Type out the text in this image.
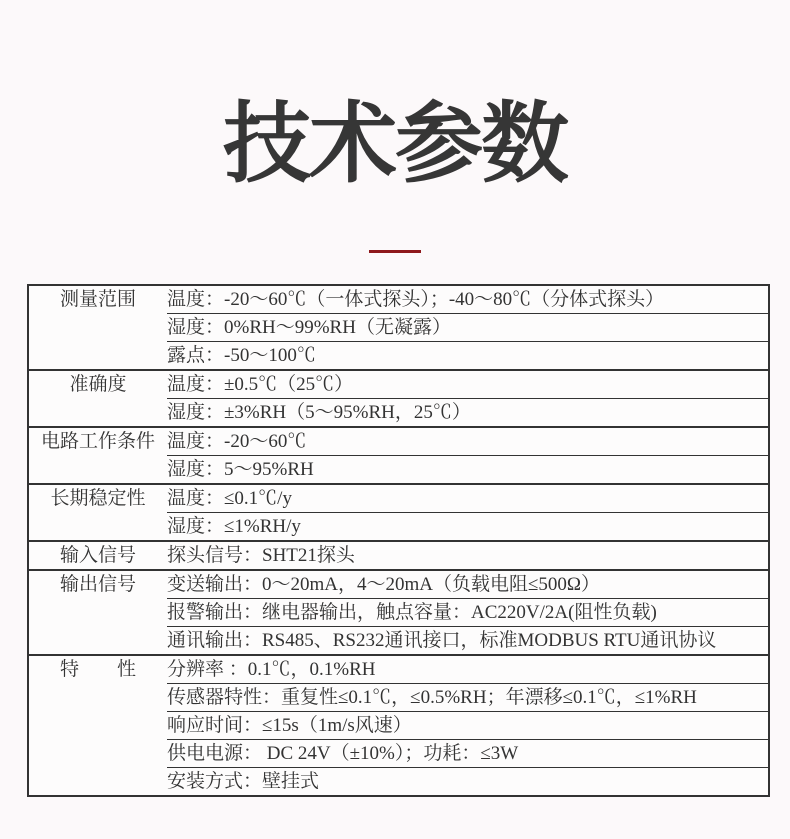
技术参数
测量范围	温度：-20～60℃（一体式探头）；-40～80℃（分体式探头）
	湿度：0%RH～99%RH（无凝露）
	露点：-50～100℃
准确度	温度：±0.5℃（25℃）
	湿度：±3%RH（5～95%RH，25℃）
电路工作条件	温度：-20～60℃
	湿度：5～95%RH
长期稳定性	温度：≤0.1℃/y
	湿度：≤1%RH/y
输入信号	探头信号：SHT21探头
输出信号	变送输出：0～20mA，4～20mA（负载电阻≤500Ω）
	报警输出：继电器输出，触点容量：AC220V/2A(阻性负载)
	通讯输出：RS485、RS232通讯接口，标准MODBUS RTU通讯协议
特　　性	分辨率 ：0.1℃，0.1%RH
	传感器特性：重复性≤0.1℃，≤0.5%RH；年漂移≤0.1℃，≤1%RH
	响应时间：≤15s（1m/s风速）
	供电电源： DC 24V（±10%）；功耗：≤3W
	安装方式：壁挂式
